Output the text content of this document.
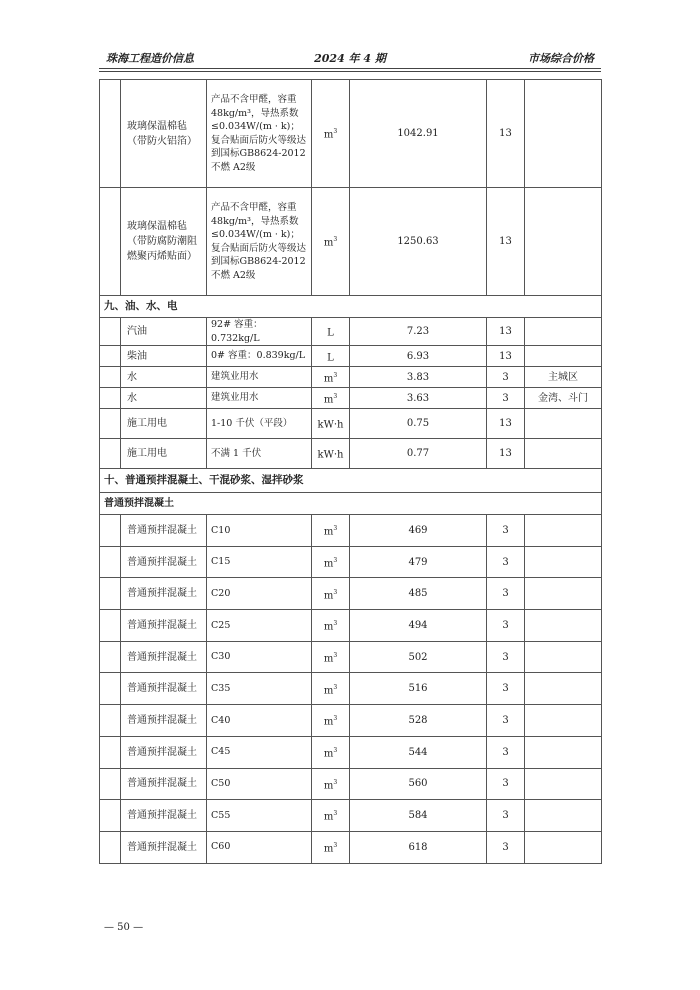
珠海工程造价信息	2024 年 4 期	市场综合价格
	玻璃保温棉毡（带防火铝箔）	产品不含甲醛，容重48kg/m³，导热系数≤0.034W/(m · k)；复合贴面后防火等级达到国标GB8624-2012 不燃 A2级	$m^3$	1042.91	13	
	玻璃保温棉毡（带防腐防潮阻燃聚丙烯贴面）	产品不含甲醛，容重48kg/m³，导热系数≤0.034W/(m · k)；复合贴面后防火等级达到国标GB8624-2012 不燃 A2级	$m^3$	1250.63	13	
九、油、水、电						
	汽油	92# 容重：0.732kg/L	L	7.23	13	
	柴油	0# 容重：0.839kg/L	L	6.93	13	
	水	建筑业用水	$m^3$	3.83	3	主城区
	水	建筑业用水	$m^3$	3.63	3	金湾、斗门
	施工用电	1-10 千伏（平段）	kW·h	0.75	13	
	施工用电	不满 1 千伏	kW·h	0.77	13	
十、普通预拌混凝土、干混砂浆、湿拌砂浆						
普通预拌混凝土						
	普通预拌混凝土	C10	$m^3$	469	3	
	普通预拌混凝土	C15	$m^3$	479	3	
	普通预拌混凝土	C20	$m^3$	485	3	
	普通预拌混凝土	C25	$m^3$	494	3	
	普通预拌混凝土	C30	$m^3$	502	3	
	普通预拌混凝土	C35	$m^3$	516	3	
	普通预拌混凝土	C40	$m^3$	528	3	
	普通预拌混凝土	C45	$m^3$	544	3	
	普通预拌混凝土	C50	$m^3$	560	3	
	普通预拌混凝土	C55	$m^3$	584	3	
	普通预拌混凝土	C60	$m^3$	618	3	
— 50 —
